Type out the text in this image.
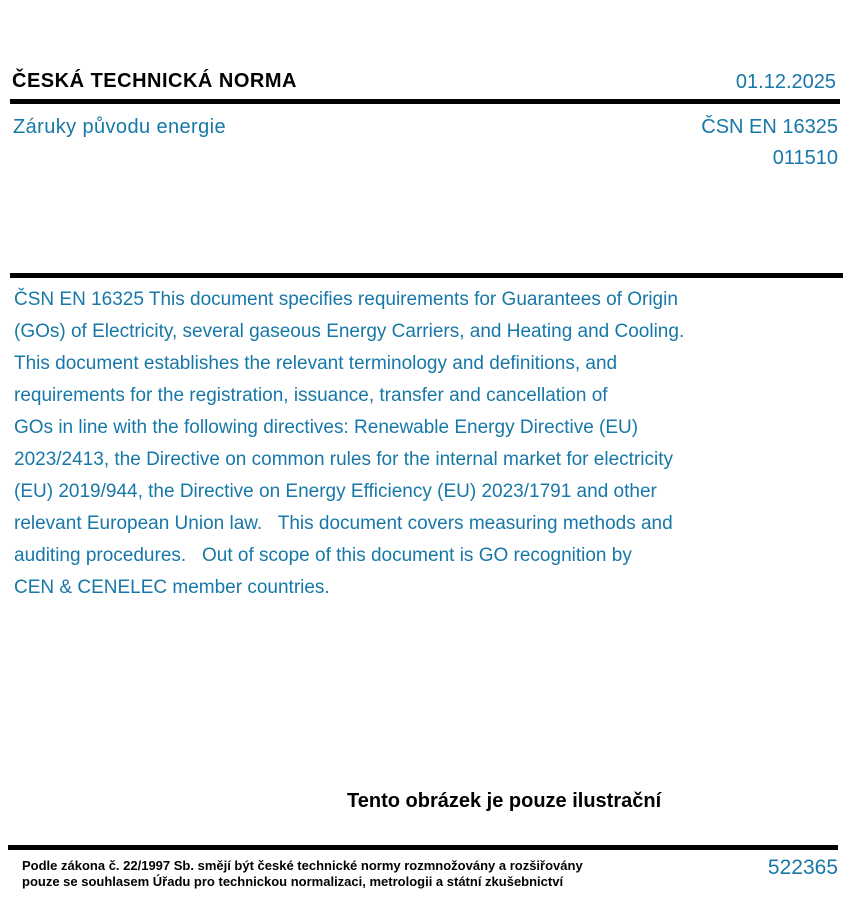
ČESKÁ TECHNICKÁ NORMA	01.12.2025
Záruky původu energie	ČSN EN 16325
011510
ČSN EN 16325 This document specifies requirements for Guarantees of Origin
(GOs) of Electricity, several gaseous Energy Carriers, and Heating and Cooling.
This document establishes the relevant terminology and definitions, and
requirements for the registration, issuance, transfer and cancellation of
GOs in line with the following directives: Renewable Energy Directive (EU)
2023/2413, the Directive on common rules for the internal market for electricity
(EU) 2019/944, the Directive on Energy Efficiency (EU) 2023/1791 and other
relevant European Union law.   This document covers measuring methods and
auditing procedures.   Out of scope of this document is GO recognition by
CEN & CENELEC member countries.
Tento obrázek je pouze ilustrační
Podle zákona č. 22/1997 Sb. smějí být české technické normy rozmnožovány a rozšiřovány
pouze se souhlasem Úřadu pro technickou normalizaci, metrologii a státní zkušebnictví
522365
